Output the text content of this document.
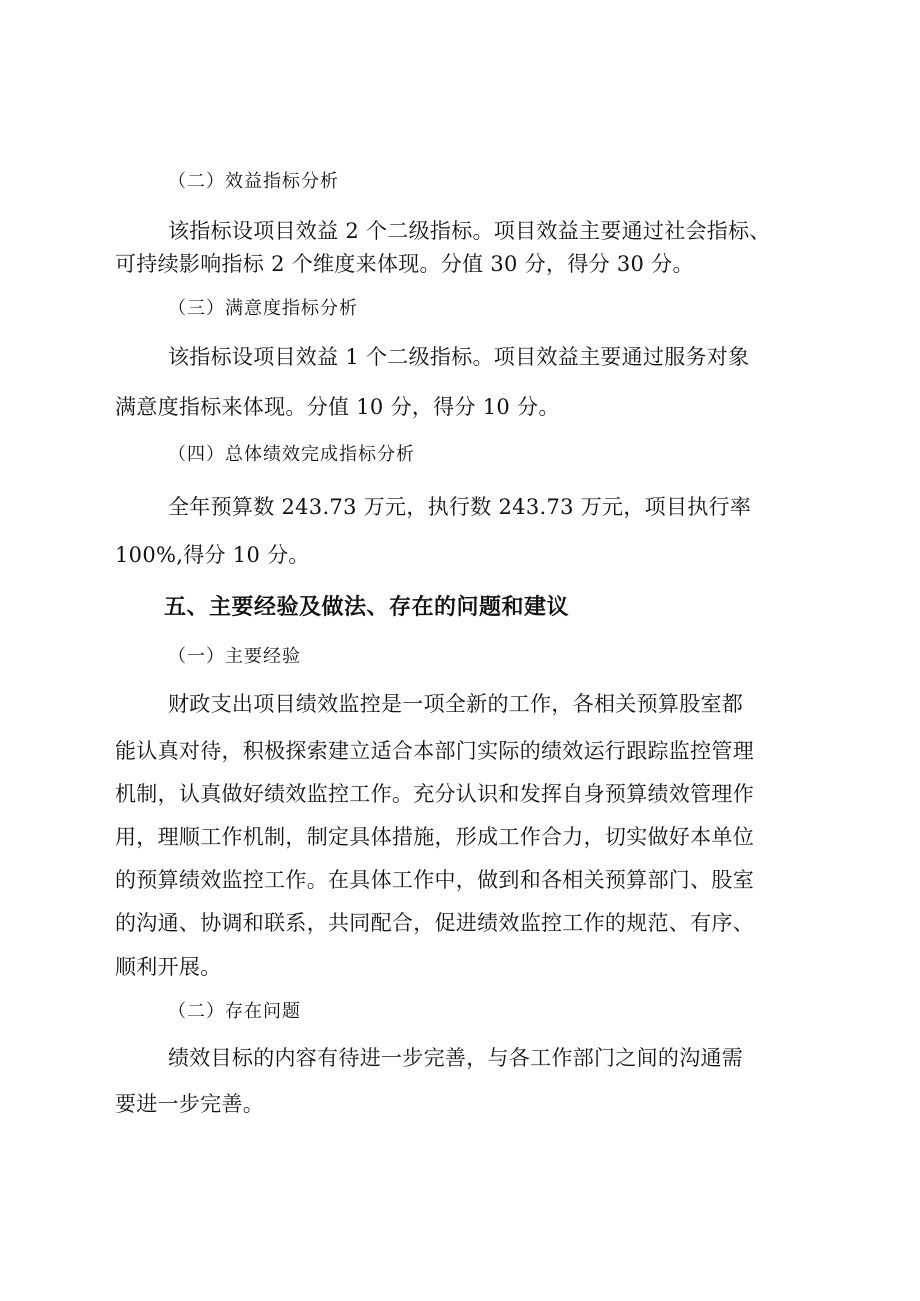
（二）效益指标分析
该指标设项目效益 2 个二级指标。项目效益主要通过社会指标、
可持续影响指标 2 个维度来体现。分值 30 分，得分 30 分。
（三）满意度指标分析
该指标设项目效益 1 个二级指标。项目效益主要通过服务对象
满意度指标来体现。分值 10 分，得分 10 分。
（四）总体绩效完成指标分析
全年预算数 243.73 万元，执行数 243.73 万元，项目执行率
100%,得分 10 分。
五、主要经验及做法、存在的问题和建议
（一）主要经验
财政支出项目绩效监控是一项全新的工作，各相关预算股室都
能认真对待，积极探索建立适合本部门实际的绩效运行跟踪监控管理
机制，认真做好绩效监控工作。充分认识和发挥自身预算绩效管理作
用，理顺工作机制，制定具体措施，形成工作合力，切实做好本单位
的预算绩效监控工作。在具体工作中，做到和各相关预算部门、股室
的沟通、协调和联系，共同配合，促进绩效监控工作的规范、有序、
顺利开展。
（二）存在问题
绩效目标的内容有待进一步完善，与各工作部门之间的沟通需
要进一步完善。
